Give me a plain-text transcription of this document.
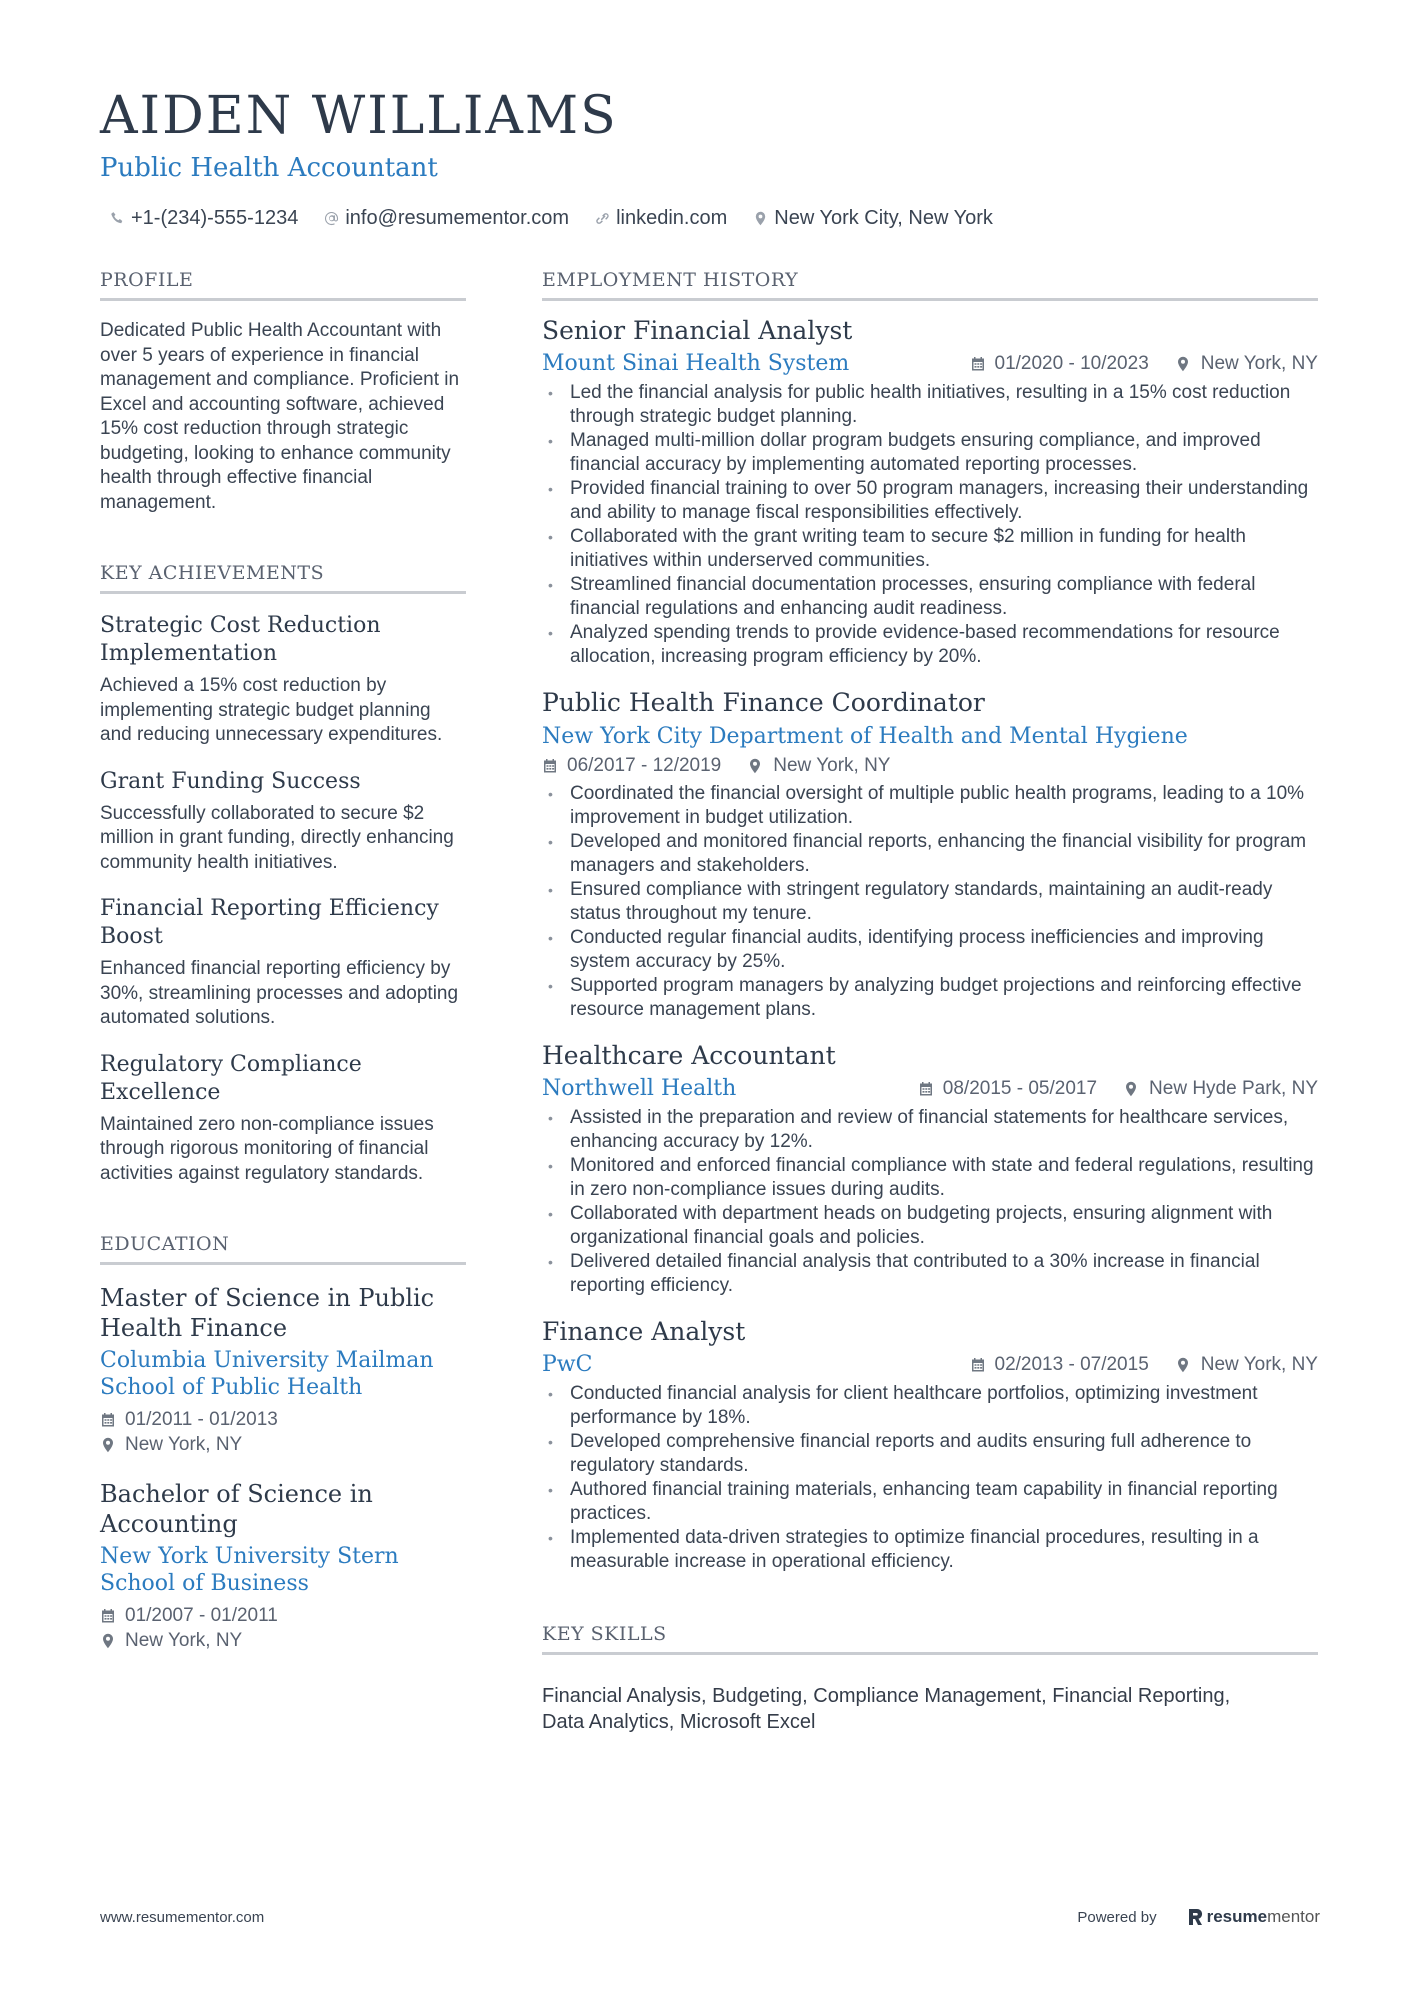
AIDEN WILLIAMS
Public Health Accountant
+1-(234)-555-1234 info@resumementor.com linkedin.com New York City, New York
PROFILE

Dedicated Public Health Accountant with over 5 years of experience in financial management and compliance. Proficient in Excel and accounting software, achieved 15% cost reduction through strategic budgeting, looking to enhance community health through effective financial management.

KEY ACHIEVEMENTS
Strategic Cost Reduction Implementation

Achieved a 15% cost reduction by implementing strategic budget planning and reducing unnecessary expenditures.

Grant Funding Success

Successfully collaborated to secure $2 million in grant funding, directly enhancing community health initiatives.

Financial Reporting Efficiency Boost

Enhanced financial reporting efficiency by 30%, streamlining processes and adopting automated solutions.

Regulatory Compliance Excellence

Maintained zero non-compliance issues through rigorous monitoring of financial activities against regulatory standards.

EDUCATION
Master of Science in Public Health Finance
Columbia University Mailman School of Public Health
01/2011 - 01/2013
New York, NY
Bachelor of Science in Accounting
New York University Stern School of Business
01/2007 - 01/2011
New York, NY
EMPLOYMENT HISTORY
Senior Financial Analyst
Mount Sinai Health System	01/2020 - 10/2023	New York, NY
• Led the financial analysis for public health initiatives, resulting in a 15% cost reduction through strategic budget planning.
• Managed multi-million dollar program budgets ensuring compliance, and improved financial accuracy by implementing automated reporting processes.
• Provided financial training to over 50 program managers, increasing their understanding and ability to manage fiscal responsibilities effectively.
• Collaborated with the grant writing team to secure $2 million in funding for health initiatives within underserved communities.
• Streamlined financial documentation processes, ensuring compliance with federal financial regulations and enhancing audit readiness.
• Analyzed spending trends to provide evidence-based recommendations for resource allocation, increasing program efficiency by 20%.
Public Health Finance Coordinator
New York City Department of Health and Mental Hygiene
06/2017 - 12/2019	New York, NY
• Coordinated the financial oversight of multiple public health programs, leading to a 10% improvement in budget utilization.
• Developed and monitored financial reports, enhancing the financial visibility for program managers and stakeholders.
• Ensured compliance with stringent regulatory standards, maintaining an audit-ready status throughout my tenure.
• Conducted regular financial audits, identifying process inefficiencies and improving system accuracy by 25%.
• Supported program managers by analyzing budget projections and reinforcing effective resource management plans.
Healthcare Accountant
Northwell Health	08/2015 - 05/2017	New Hyde Park, NY
• Assisted in the preparation and review of financial statements for healthcare services, enhancing accuracy by 12%.
• Monitored and enforced financial compliance with state and federal regulations, resulting in zero non-compliance issues during audits.
• Collaborated with department heads on budgeting projects, ensuring alignment with organizational financial goals and policies.
• Delivered detailed financial analysis that contributed to a 30% increase in financial reporting efficiency.
Finance Analyst
PwC	02/2013 - 07/2015	New York, NY
• Conducted financial analysis for client healthcare portfolios, optimizing investment performance by 18%.
• Developed comprehensive financial reports and audits ensuring full adherence to regulatory standards.
• Authored financial training materials, enhancing team capability in financial reporting practices.
• Implemented data-driven strategies to optimize financial procedures, resulting in a measurable increase in operational efficiency.
KEY SKILLS

Financial Analysis, Budgeting, Compliance Management, Financial Reporting, Data Analytics, Microsoft Excel

www.resumementor.com	Powered by	resume mentor
